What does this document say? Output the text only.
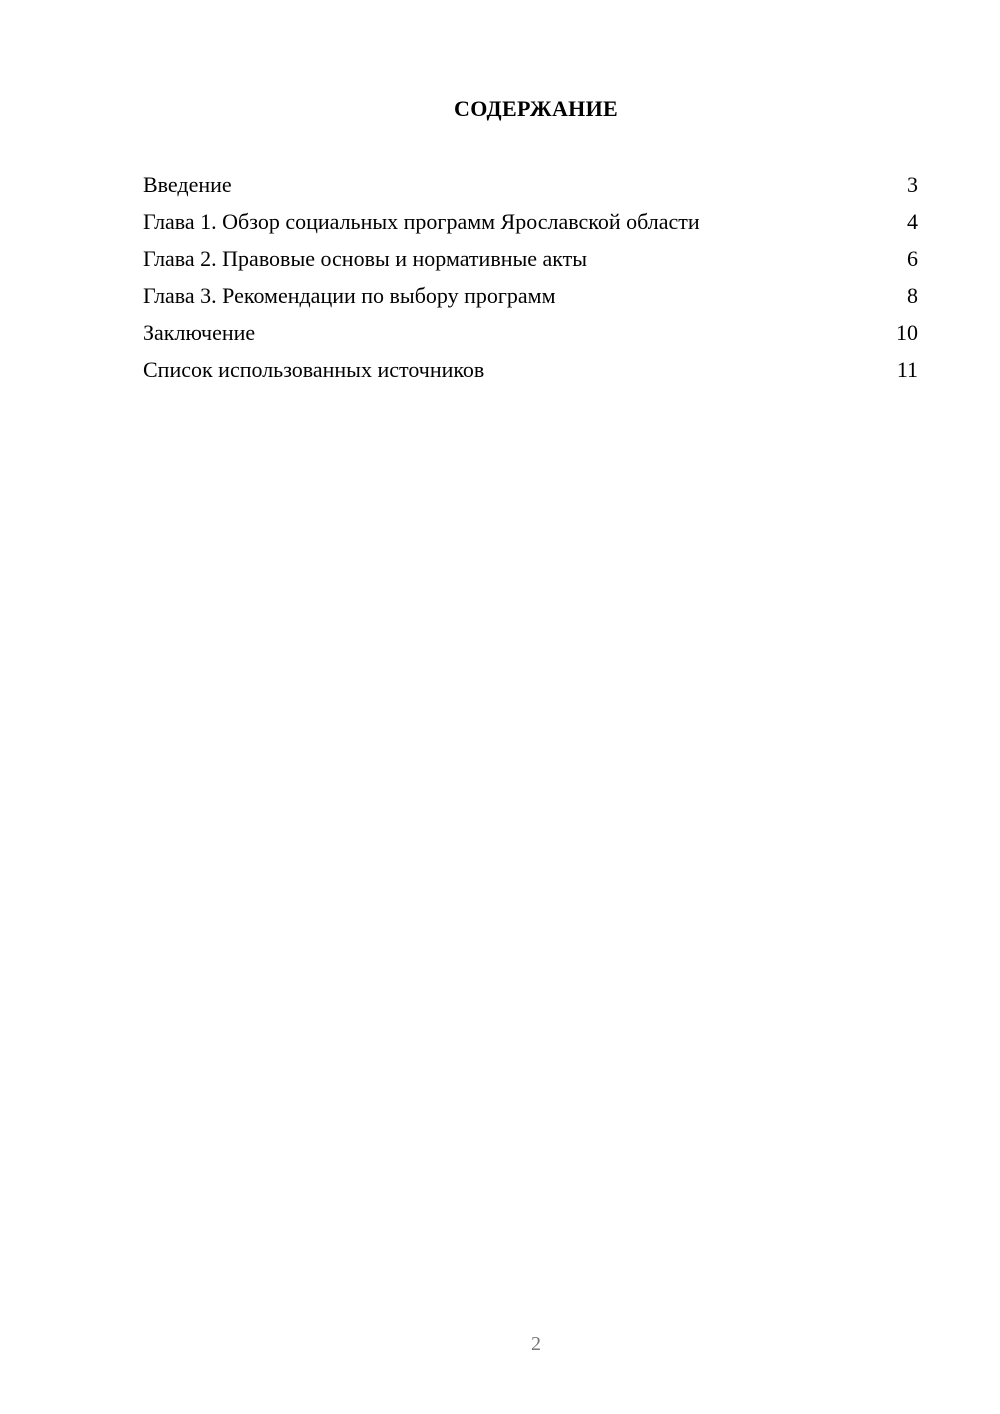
СОДЕРЖАНИЕ
Введение	3
Глава 1. Обзор социальных программ Ярославской области	4
Глава 2. Правовые основы и нормативные акты	6
Глава 3. Рекомендации по выбору программ	8
Заключение	10
Список использованных источников	11
2
